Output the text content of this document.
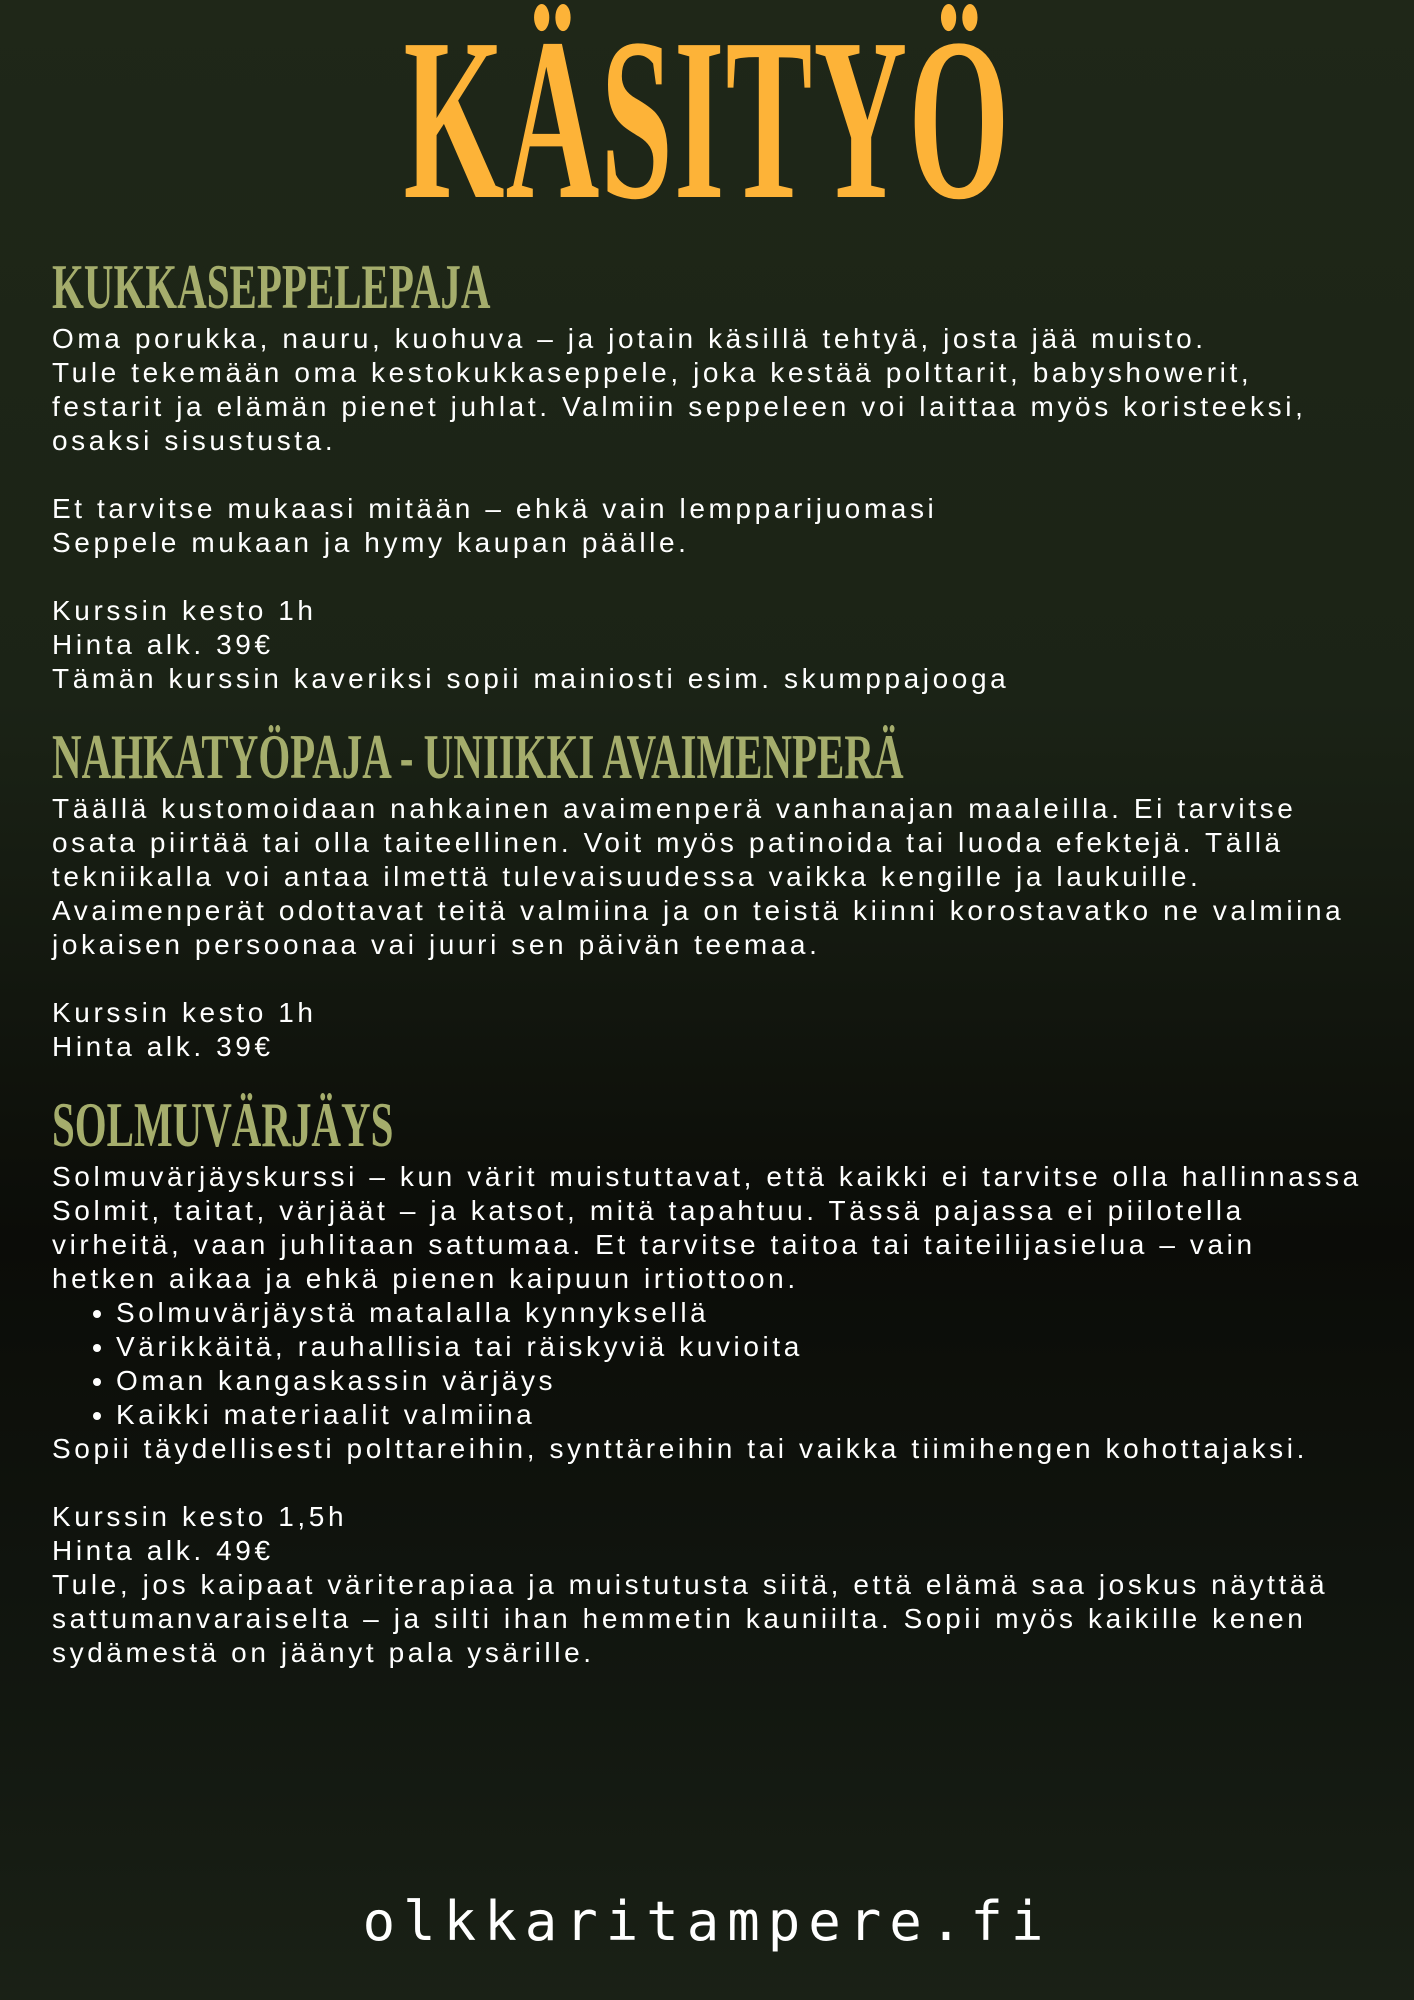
KÄSITYÖ
KUKKASEPPELEPAJA

Oma porukka, nauru, kuohuva – ja jotain käsillä tehtyä, josta jää muisto.

Tule tekemään oma kestokukkaseppele, joka kestää polttarit, babyshowerit, festarit ja elämän pienet juhlat. Valmiin seppeleen voi laittaa myös koristeeksi, osaksi sisustusta.

Et tarvitse mukaasi mitään – ehkä vain lempparijuomasi

Seppele mukaan ja hymy kaupan päälle.

Kurssin kesto 1h

Hinta alk. 39€

Tämän kurssin kaveriksi sopii mainiosti esim. skumppajooga

NAHKATYÖPAJA - UNIIKKI AVAIMENPERÄ

Täällä kustomoidaan nahkainen avaimenperä vanhanajan maaleilla. Ei tarvitse osata piirtää tai olla taiteellinen. Voit myös patinoida tai luoda efektejä. Tällä tekniikalla voi antaa ilmettä tulevaisuudessa vaikka kengille ja laukuille.

Avaimenperät odottavat teitä valmiina ja on teistä kiinni korostavatko ne valmiina jokaisen persoonaa vai juuri sen päivän teemaa.

Kurssin kesto 1h

Hinta alk. 39€

SOLMUVÄRJÄYS

Solmuvärjäyskurssi – kun värit muistuttavat, että kaikki ei tarvitse olla hallinnassa

Solmit, taitat, värjäät – ja katsot, mitä tapahtuu. Tässä pajassa ei piilotella virheitä, vaan juhlitaan sattumaa. Et tarvitse taitoa tai taiteilijasielua – vain hetken aikaa ja ehkä pienen kaipuun irtiottoon.

• Solmuvärjäystä matalalla kynnyksellä
• Värikkäitä, rauhallisia tai räiskyviä kuvioita
• Oman kangaskassin värjäys
• Kaikki materiaalit valmiina

Sopii täydellisesti polttareihin, synttäreihin tai vaikka tiimihengen kohottajaksi.

Kurssin kesto 1,5h

Hinta alk. 49€

Tule, jos kaipaat väriterapiaa ja muistutusta siitä, että elämä saa joskus näyttää sattumanvaraiselta – ja silti ihan hemmetin kauniilta. Sopii myös kaikille kenen sydämestä on jäänyt pala ysärille.

olkkaritampere.fi
